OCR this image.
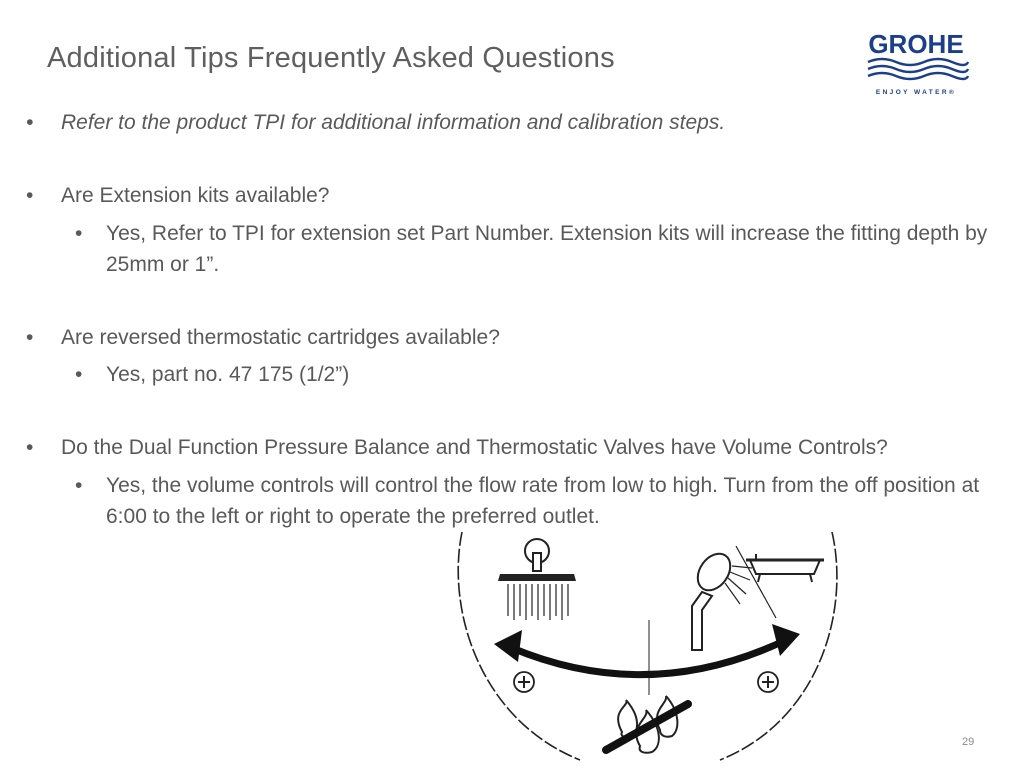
Additional Tips Frequently Asked Questions	GROHE
ENJOY WATER®
• Refer to the product TPI for additional information and calibration steps.
• Are Extension kits available?
• Yes, Refer to TPI for extension set Part Number. Extension kits will increase the fitting depth by 25mm or 1”.
• Are reversed thermostatic cartridges available?
• Yes, part no. 47 175 (1/2”)
• Do the Dual Function Pressure Balance and Thermostatic Valves have Volume Controls?
• Yes, the volume controls will control the flow rate from low to high. Turn from the off position at 6:00 to the left or right to operate the preferred outlet.
29
